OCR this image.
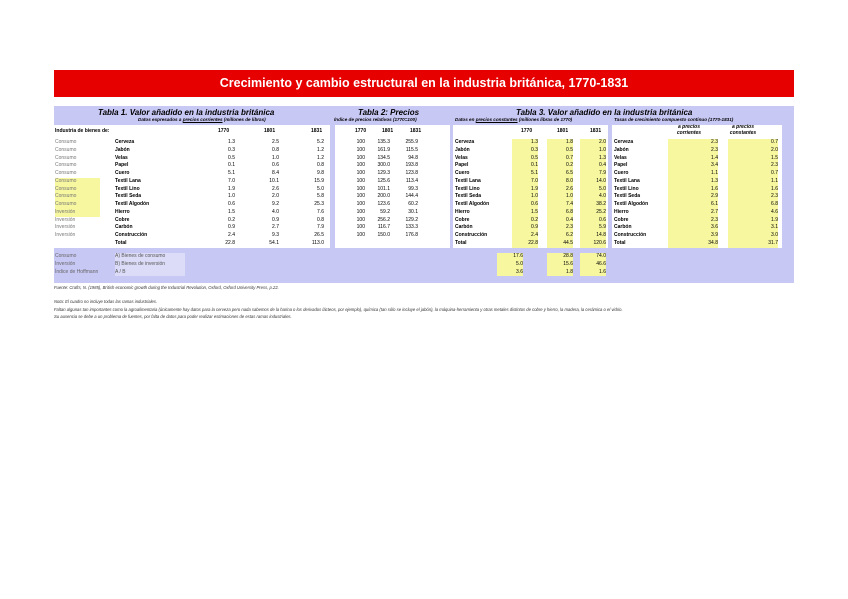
Crecimiento y cambio estructural en la industria británica, 1770-1831
Tabla 1. Valor añadido en la industria británica
Datos expresados a precios corrientes (millones de libras)
Tabla 2: Precios
Índice de precios relativos (1770=100)
Tabla 3. Valor añadido en la industria británica
Datos en precios constantes (millones libras de 1770)	Tasas de crecimiento compuesto continuo (1770-1831)
Industria de bienes de:	1770	1801	1831	1770	1801	1831	1770	1801	1831
a precios corrientes
a precios constantes
Consumo	Cerveza	1.3	2.5	5.2
Consumo	Jabón	0.3	0.8	1.2
Consumo	Velas	0.5	1.0	1.2
Consumo	Papel	0.1	0.6	0.8
Consumo	Cuero	5.1	8.4	9.8
Consumo	Textil Lana	7.0	10.1	15.9
Consumo	Textil Lino	1.9	2.6	5.0
Consumo	Textil Seda	1.0	2.0	5.8
Consumo	Textil Algodón	0.6	9.2	25.3
Inversión	Hierro	1.5	4.0	7.6
Inversión	Cobre	0.2	0.9	0.8
Inversión	Carbón	0.9	2.7	7.9
Inversión	Construcción	2.4	9.3	26.5
Total	22.8	54.1	113.0
100	135.3	255.9
100	161.9	115.5
100	134.5	94.8
100	300.0	193.8
100	129.3	123.8
100	125.6	113.4
100	101.1	99.3
100	200.0	144.4
100	123.6	60.2
100	59.2	30.1
100	256.2	129.2
100	116.7	133.3
100	150.0	176.8
Cerveza	1.3	1.8	2.0
Jabón	0.3	0.5	1.0
Velas	0.5	0.7	1.3
Papel	0.1	0.2	0.4
Cuero	5.1	6.5	7.9
Textil Lana	7.0	8.0	14.0
Textil Lino	1.9	2.6	5.0
Textil Seda	1.0	1.0	4.0
Textil Algodón	0.6	7.4	38.2
Hierro	1.5	6.8	25.2
Cobre	0.2	0.4	0.6
Carbón	0.9	2.3	5.9
Construcción	2.4	6.2	14.8
Total	22.8	44.5	120.6
17.6	28.8	74.0
5.0	15.6	46.6
3.6	1.8	1.6
Cerveza	2.3	0.7
Jabón	2.3	2.0
Velas	1.4	1.5
Papel	3.4	2.3
Cuero	1.1	0.7
Textil Lana	1.3	1.1
Textil Lino	1.6	1.6
Textil Seda	2.9	2.3
Textil Algodón	6.1	6.8
Hierro	2.7	4.6
Cobre	2.3	1.9
Carbón	3.6	3.1
Construcción	3.9	3.0
Total	34.8	31.7
Consumo	A) Bienes de consumo
Inversión	B) Bienes de inversión
Índice de Hoffmann	A / B
Fuente: Crafts, N. (1985), British economic growth during the Industrial Revolution, Oxford, Oxford University Press, p.22.
Nota: El cuadro no incluye todas las ramas industriales.
Faltan algunas tan importantes como la agroalimentaria (únicamente hay datos para la cerveza pero nada sabemos de la harina o los derivados lácteos, por ejemplo), química (tan sólo se incluye el jabón), la máquina-herramienta y otras metales distintos de cobre y hierro, la madera, la cerámica o el vidrio.
Su ausencia se debe a un problema de fuentes, por falta de datos para poder realizar estimaciones de estas ramas industriales.
